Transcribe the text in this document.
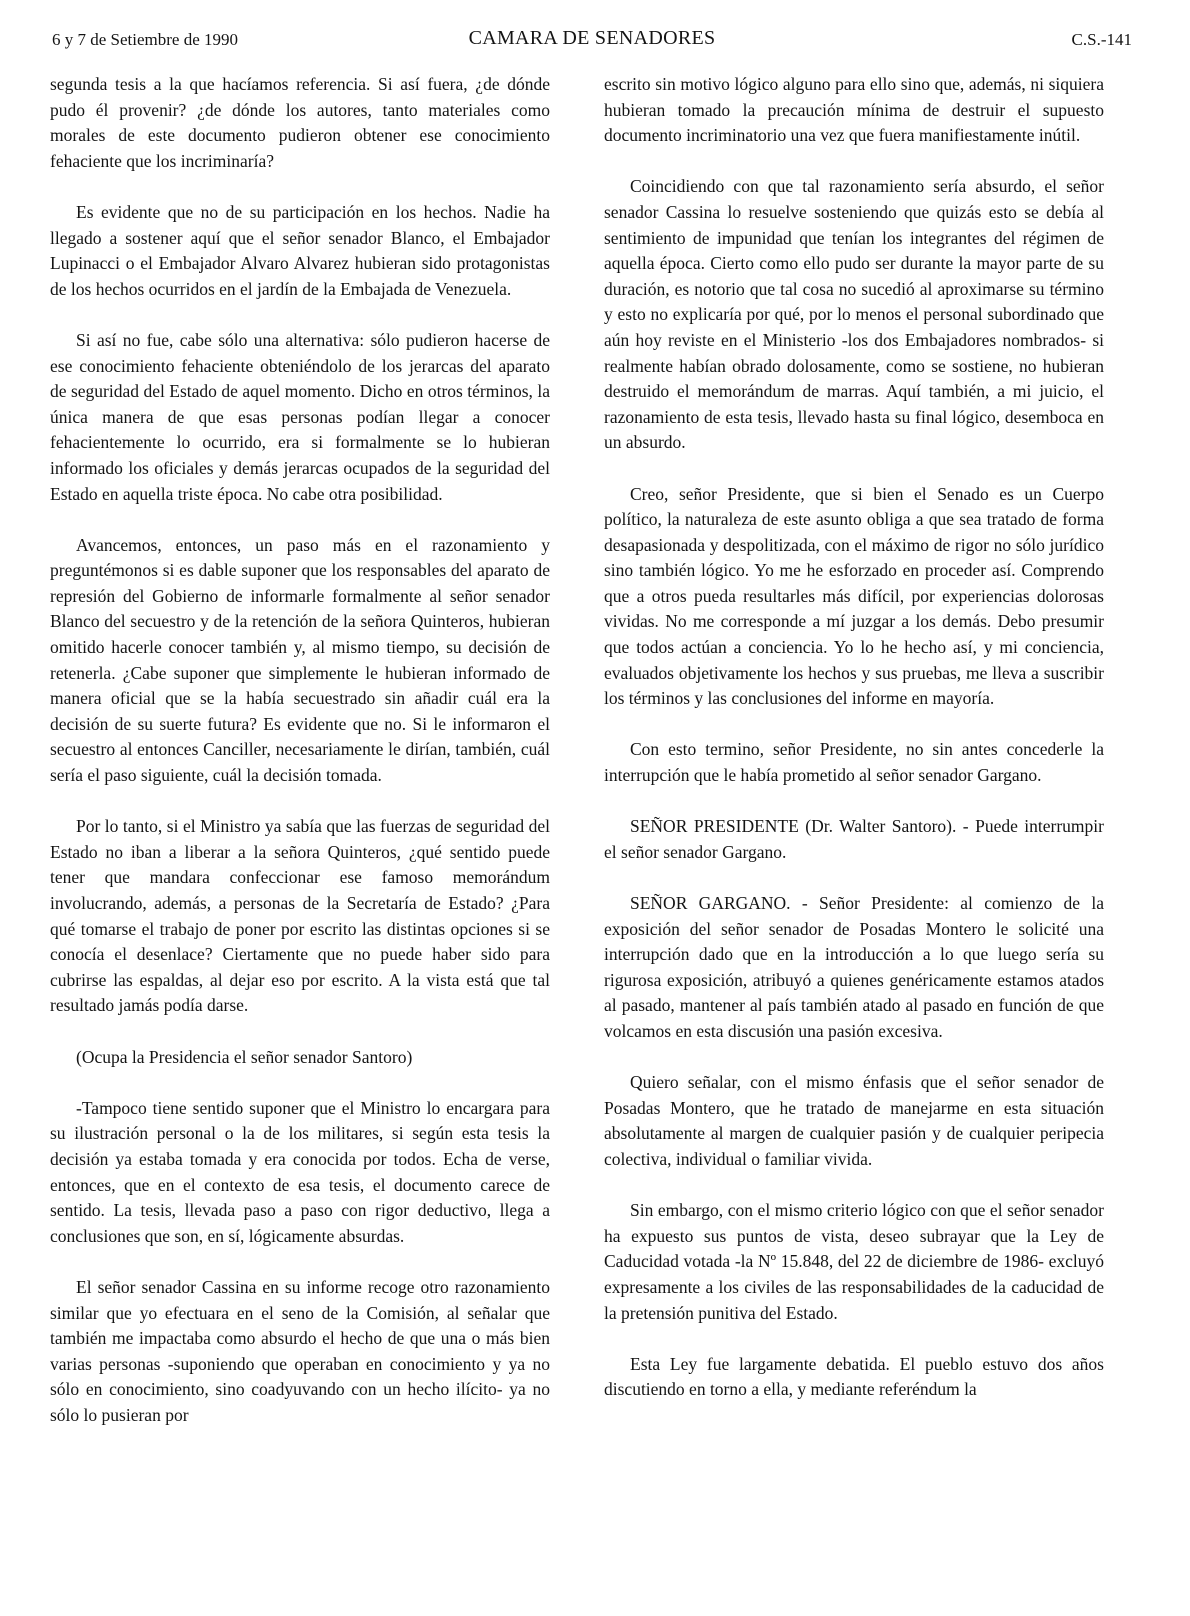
6 y 7 de Setiembre de 1990	CAMARA DE SENADORES	C.S.-141

segunda tesis a la que hacíamos referencia. Si así fuera, ¿de dónde pudo él provenir? ¿de dónde los autores, tanto materiales como morales de este documento pudieron obtener ese conocimiento fehaciente que los incriminaría?

Es evidente que no de su participación en los hechos. Nadie ha llegado a sostener aquí que el señor senador Blanco, el Embajador Lupinacci o el Embajador Alvaro Alvarez hubieran sido protagonistas de los hechos ocurridos en el jardín de la Embajada de Venezuela.

Si así no fue, cabe sólo una alternativa: sólo pudieron hacerse de ese conocimiento fehaciente obteniéndolo de los jerarcas del aparato de seguridad del Estado de aquel momento. Dicho en otros términos, la única manera de que esas personas podían llegar a conocer fehacientemente lo ocurrido, era si formalmente se lo hubieran informado los oficiales y demás jerarcas ocupados de la seguridad del Estado en aquella triste época. No cabe otra posibilidad.

Avancemos, entonces, un paso más en el razonamiento y preguntémonos si es dable suponer que los responsables del aparato de represión del Gobierno de informarle formalmente al señor senador Blanco del secuestro y de la retención de la señora Quinteros, hubieran omitido hacerle conocer también y, al mismo tiempo, su decisión de retenerla. ¿Cabe suponer que simplemente le hubieran informado de manera oficial que se la había secuestrado sin añadir cuál era la decisión de su suerte futura? Es evidente que no. Si le informaron el secuestro al entonces Canciller, necesariamente le dirían, también, cuál sería el paso siguiente, cuál la decisión tomada.

Por lo tanto, si el Ministro ya sabía que las fuerzas de seguridad del Estado no iban a liberar a la señora Quinteros, ¿qué sentido puede tener que mandara confeccionar ese famoso memorándum involucrando, además, a personas de la Secretaría de Estado? ¿Para qué tomarse el trabajo de poner por escrito las distintas opciones si se conocía el desenlace? Ciertamente que no puede haber sido para cubrirse las espaldas, al dejar eso por escrito. A la vista está que tal resultado jamás podía darse.

(Ocupa la Presidencia el señor senador Santoro)

-Tampoco tiene sentido suponer que el Ministro lo encargara para su ilustración personal o la de los militares, si según esta tesis la decisión ya estaba tomada y era conocida por todos. Echa de verse, entonces, que en el contexto de esa tesis, el documento carece de sentido. La tesis, llevada paso a paso con rigor deductivo, llega a conclusiones que son, en sí, lógicamente absurdas.

El señor senador Cassina en su informe recoge otro razonamiento similar que yo efectuara en el seno de la Comisión, al señalar que también me impactaba como absurdo el hecho de que una o más bien varias personas -suponiendo que operaban en conocimiento y ya no sólo en conocimiento, sino coadyuvando con un hecho ilícito- ya no sólo lo pusieran por

escrito sin motivo lógico alguno para ello sino que, además, ni siquiera hubieran tomado la precaución mínima de destruir el supuesto documento incriminatorio una vez que fuera manifiestamente inútil.

Coincidiendo con que tal razonamiento sería absurdo, el señor senador Cassina lo resuelve sosteniendo que quizás esto se debía al sentimiento de impunidad que tenían los integrantes del régimen de aquella época. Cierto como ello pudo ser durante la mayor parte de su duración, es notorio que tal cosa no sucedió al aproximarse su término y esto no explicaría por qué, por lo menos el personal subordinado que aún hoy reviste en el Ministerio -los dos Embajadores nombrados- si realmente habían obrado dolosamente, como se sostiene, no hubieran destruido el memorándum de marras. Aquí también, a mi juicio, el razonamiento de esta tesis, llevado hasta su final lógico, desemboca en un absurdo.

Creo, señor Presidente, que si bien el Senado es un Cuerpo político, la naturaleza de este asunto obliga a que sea tratado de forma desapasionada y despolitizada, con el máximo de rigor no sólo jurídico sino también lógico. Yo me he esforzado en proceder así. Comprendo que a otros pueda resultarles más difícil, por experiencias dolorosas vividas. No me corresponde a mí juzgar a los demás. Debo presumir que todos actúan a conciencia. Yo lo he hecho así, y mi conciencia, evaluados objetivamente los hechos y sus pruebas, me lleva a suscribir los términos y las conclusiones del informe en mayoría.

Con esto termino, señor Presidente, no sin antes concederle la interrupción que le había prometido al señor senador Gargano.

SEÑOR PRESIDENTE (Dr. Walter Santoro). - Puede interrumpir el señor senador Gargano.

SEÑOR GARGANO. - Señor Presidente: al comienzo de la exposición del señor senador de Posadas Montero le solicité una interrupción dado que en la introducción a lo que luego sería su rigurosa exposición, atribuyó a quienes genéricamente estamos atados al pasado, mantener al país también atado al pasado en función de que volcamos en esta discusión una pasión excesiva.

Quiero señalar, con el mismo énfasis que el señor senador de Posadas Montero, que he tratado de manejarme en esta situación absolutamente al margen de cualquier pasión y de cualquier peripecia colectiva, individual o familiar vivida.

Sin embargo, con el mismo criterio lógico con que el señor senador ha expuesto sus puntos de vista, deseo subrayar que la Ley de Caducidad votada -la Nº 15.848, del 22 de diciembre de 1986- excluyó expresamente a los civiles de las responsabilidades de la caducidad de la pretensión punitiva del Estado.

Esta Ley fue largamente debatida. El pueblo estuvo dos años discutiendo en torno a ella, y mediante referéndum la
